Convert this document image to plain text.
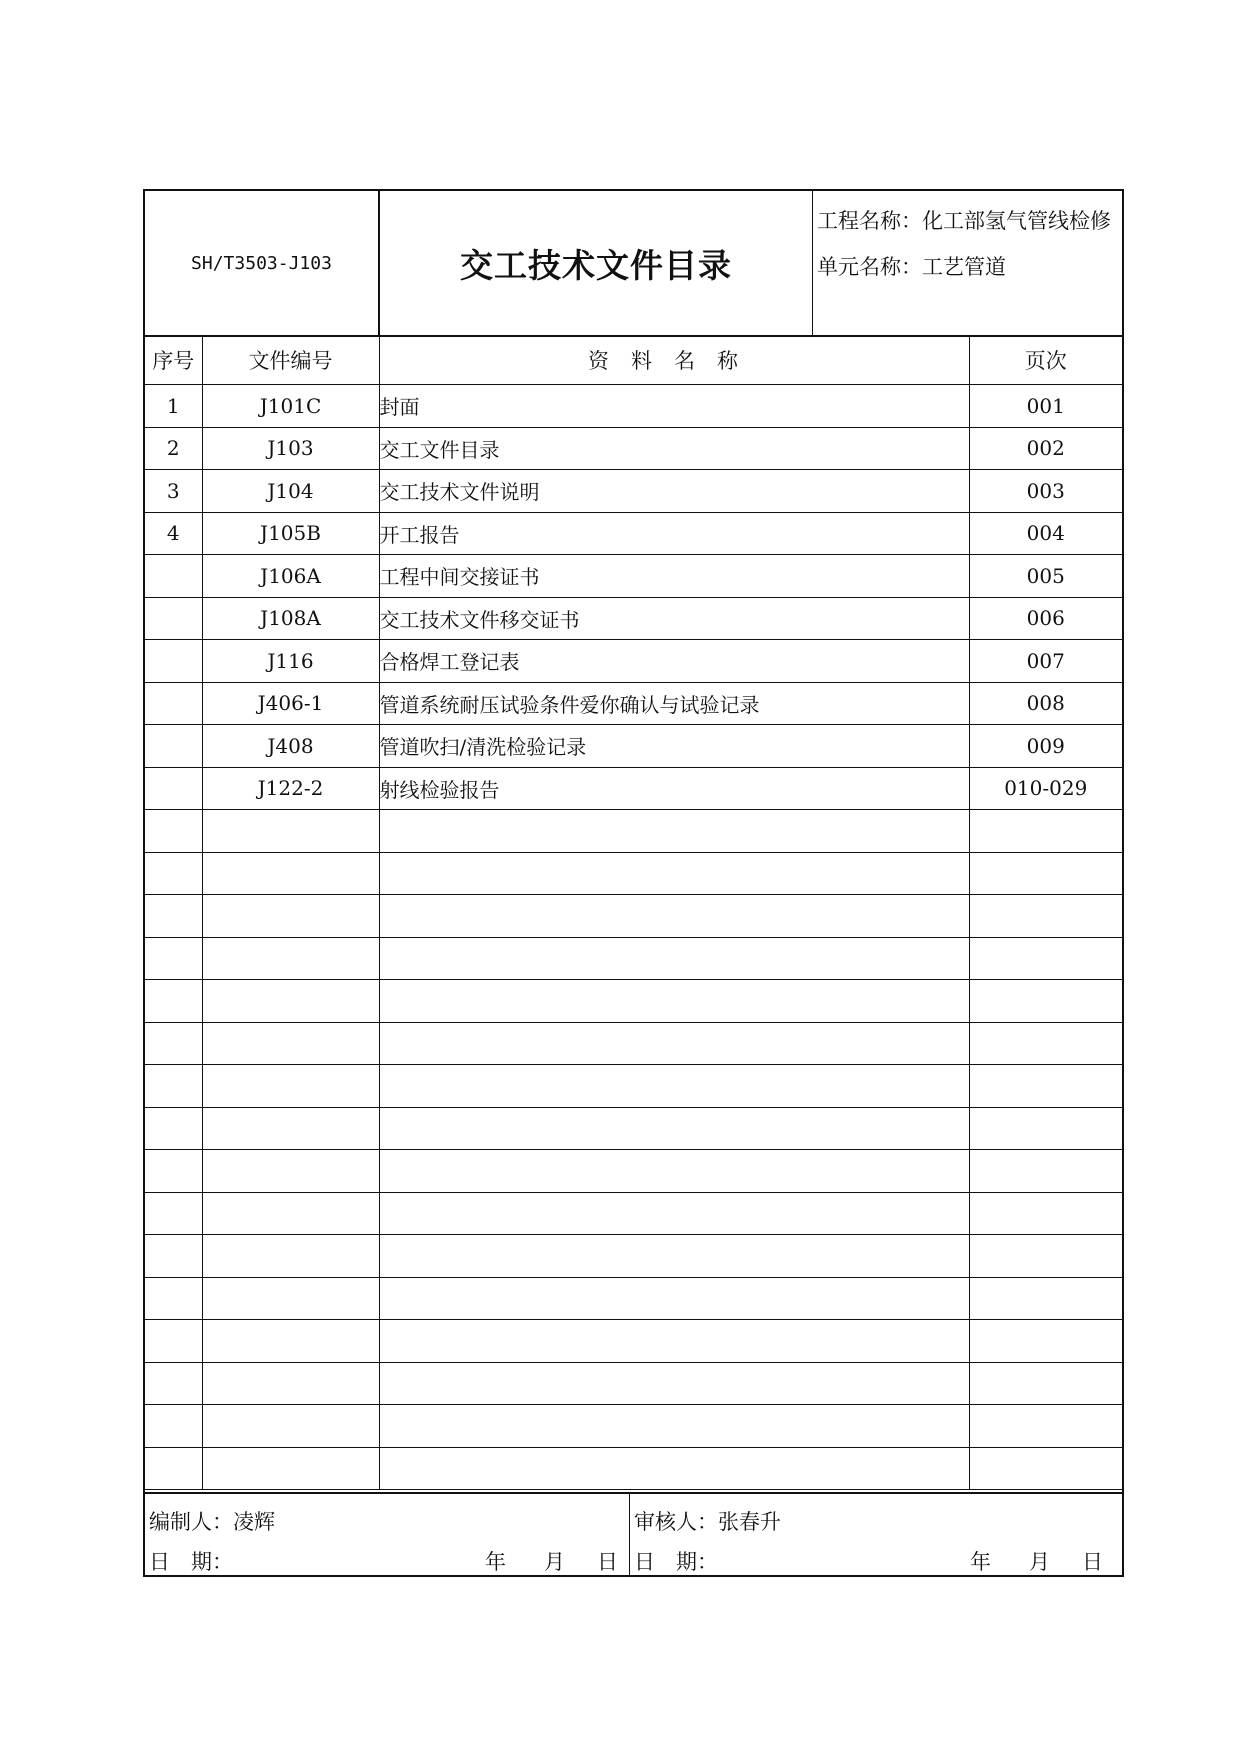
SH/T3503-J103	交工技术文件目录
工程名称：化工部氢气管线检修
单元名称：工艺管道
序号	文件编号	资料名称	页次
1	J101C	封面	001
2	J103	交工文件目录	002
3	J104	交工技术文件说明	003
4	J105B	开工报告	004
	J106A	工程中间交接证书	005
	J108A	交工技术文件移交证书	006
	J116	合格焊工登记表	007
	J406-1	管道系统耐压试验条件爱你确认与试验记录	008
	J408	管道吹扫/清洗检验记录	009
	J122-2	射线检验报告	010-029

编制人：凌辉
日　期：	年 月 日
审核人：张春升
日　期：	年 月 日
